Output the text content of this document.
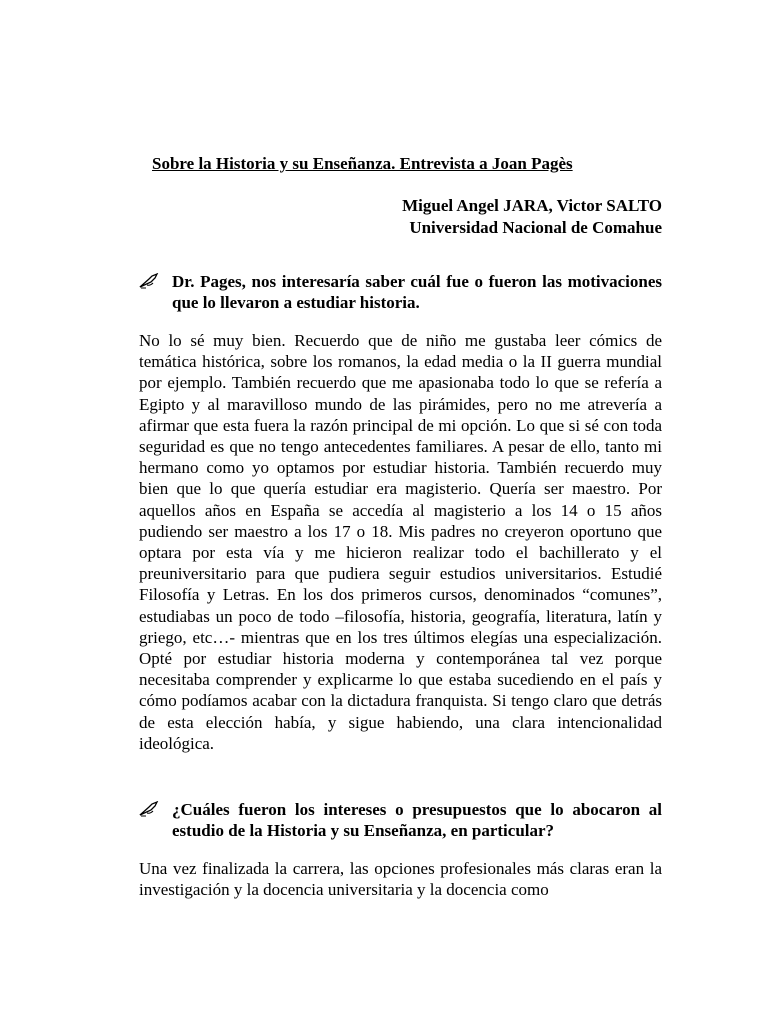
Sobre la Historia y su Enseñanza. Entrevista a Joan Pagès
Miguel Angel JARA, Victor SALTO
Universidad Nacional de Comahue
Dr. Pages, nos interesaría saber cuál fue o fueron las motivaciones que lo llevaron a estudiar historia.

No lo sé muy bien. Recuerdo que de niño me gustaba leer cómics de temática histórica, sobre los romanos, la edad media o la II guerra mundial por ejemplo. También recuerdo que me apasionaba todo lo que se refería a Egipto y al maravilloso mundo de las pirámides, pero no me atrevería a afirmar que esta fuera la razón principal de mi opción. Lo que si sé con toda seguridad es que no tengo antecedentes familiares. A pesar de ello, tanto mi hermano como yo optamos por estudiar historia. También recuerdo muy bien que lo que quería estudiar era magisterio. Quería ser maestro. Por aquellos años en España se accedía al magisterio a los 14 o 15 años pudiendo ser maestro a los 17 o 18. Mis padres no creyeron oportuno que optara por esta vía y me hicieron realizar todo el bachillerato y el preuniversitario para que pudiera seguir estudios universitarios. Estudié Filosofía y Letras. En los dos primeros cursos, denominados “comunes”, estudiabas un poco de todo –filosofía, historia, geografía, literatura, latín y griego, etc…- mientras que en los tres últimos elegías una especialización. Opté por estudiar historia moderna y contemporánea tal vez porque necesitaba comprender y explicarme lo que estaba sucediendo en el país y cómo podíamos acabar con la dictadura franquista. Si tengo claro que detrás de esta elección había, y sigue habiendo, una clara intencionalidad ideológica.

¿Cuáles fueron los intereses o presupuestos que lo abocaron al estudio de la Historia y su Enseñanza, en particular?

Una vez finalizada la carrera, las opciones profesionales más claras eran la investigación y la docencia universitaria y la docencia como
